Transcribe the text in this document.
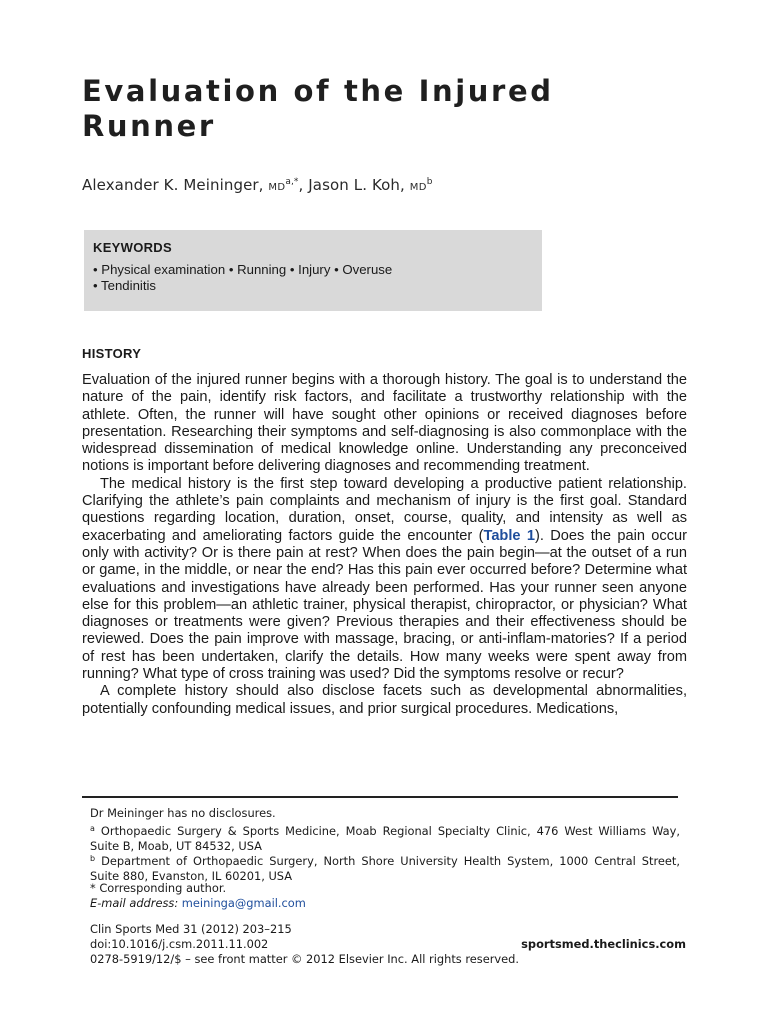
Evaluation of the Injured Runner
Alexander K. Meininger, $MD^{a,*}$, Jason L. Koh, $MD^b$
KEYWORDS
• Physical examination • Running • Injury • Overuse
• Tendinitis
HISTORY

Evaluation of the injured runner begins with a thorough history. The goal is to understand the nature of the pain, identify risk factors, and facilitate a trustworthy relationship with the athlete. Often, the runner will have sought other opinions or received diagnoses before presentation. Researching their symptoms and self-diagnosing is also commonplace with the widespread dissemination of medical knowledge online. Understanding any preconceived notions is important before delivering diagnoses and recommending treatment.

The medical history is the first step toward developing a productive patient relationship. Clarifying the athlete’s pain complaints and mechanism of injury is the first goal. Standard questions regarding location, duration, onset, course, quality, and intensity as well as exacerbating and ameliorating factors guide the encounter (Table 1). Does the pain occur only with activity? Or is there pain at rest? When does the pain begin—at the outset of a run or game, in the middle, or near the end? Has this pain ever occurred before? Determine what evaluations and investigations have already been performed. Has your runner seen anyone else for this problem—an athletic trainer, physical therapist, chiropractor, or physician? What diagnoses or treatments were given? Previous therapies and their effectiveness should be reviewed. Does the pain improve with massage, bracing, or anti-inflam-matories? If a period of rest has been undertaken, clarify the details. How many weeks were spent away from running? What type of cross training was used? Did the symptoms resolve or recur?

A complete history should also disclose facets such as developmental abnormalities, potentially confounding medical issues, and prior surgical procedures. Medications,

Dr Meininger has no disclosures.
$^a$ Orthopaedic Surgery & Sports Medicine, Moab Regional Specialty Clinic, 476 West Williams Way, Suite B, Moab, UT 84532, USA
$^b$ Department of Orthopaedic Surgery, North Shore University Health System, 1000 Central Street, Suite 880, Evanston, IL 60201, USA
* Corresponding author.
E-mail address: meininga@gmail.com
Clin Sports Med 31 (2012) 203–215
doi:10.1016/j.csm.2011.11.002	sportsmed.theclinics.com
0278-5919/12/$ – see front matter © 2012 Elsevier Inc. All rights reserved.
